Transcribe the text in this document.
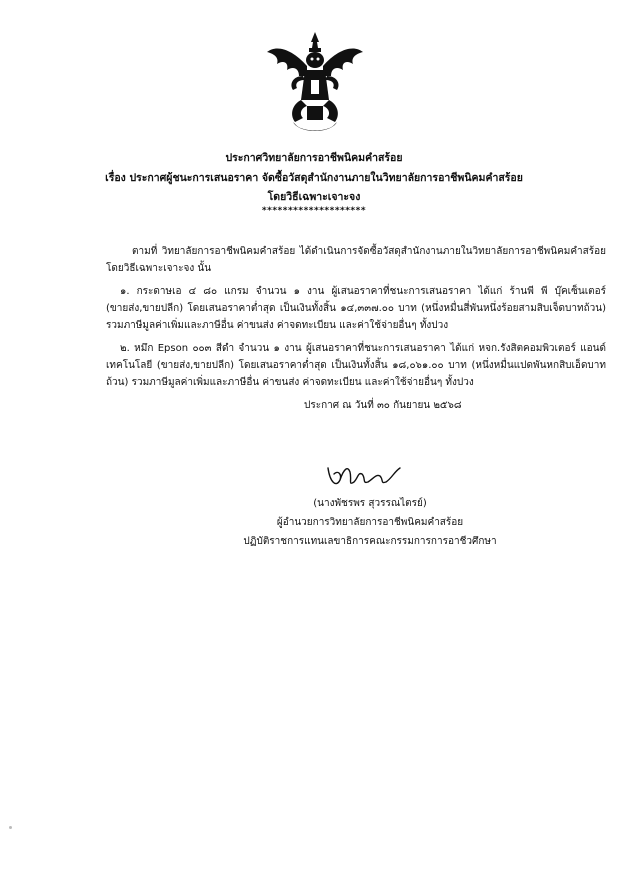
ประกาศวิทยาลัยการอาชีพนิคมคำสร้อย
เรื่อง ประกาศผู้ชนะการเสนอราคา จัดซื้อวัสดุสำนักงานภายในวิทยาลัยการอาชีพนิคมคำสร้อย
โดยวิธีเฉพาะเจาะจง
********************
ตามที่ วิทยาลัยการอาชีพนิคมคำสร้อย ได้ดำเนินการจัดซื้อวัสดุสำนักงานภายในวิทยาลัยการอาชีพนิคมคำสร้อย โดยวิธีเฉพาะเจาะจง นั้น
๑. กระดาษเอ ๔ ๘๐ แกรม จำนวน ๑ งาน ผู้เสนอราคาที่ชนะการเสนอราคา ได้แก่ ร้านพี พี บุ๊คเซ็นเตอร์ (ขายส่ง,ขายปลีก) โดยเสนอราคาต่ำสุด เป็นเงินทั้งสิ้น ๑๔,๓๓๗.๐๐ บาท (หนึ่งหมื่นสี่พันหนึ่งร้อยสามสิบเจ็ดบาทถ้วน) รวมภาษีมูลค่าเพิ่มและภาษีอื่น ค่าขนส่ง ค่าจดทะเบียน และค่าใช้จ่ายอื่นๆ ทั้งปวง
๒. หมึก Epson ๐๐๓ สีดำ จำนวน ๑ งาน ผู้เสนอราคาที่ชนะการเสนอราคา ได้แก่ หจก.รังสิตคอมพิวเตอร์ แอนด์ เทคโนโลยี (ขายส่ง,ขายปลีก) โดยเสนอราคาต่ำสุด เป็นเงินทั้งสิ้น ๑๘,๐๖๑.๐๐ บาท (หนึ่งหมื่นแปดพันหกสิบเอ็ดบาทถ้วน) รวมภาษีมูลค่าเพิ่มและภาษีอื่น ค่าขนส่ง ค่าจดทะเบียน และค่าใช้จ่ายอื่นๆ ทั้งปวง
ประกาศ ณ วันที่ ๓๐ กันยายน ๒๕๖๘
(นางพัชรพร สุวรรณไตรย์)
ผู้อำนวยการวิทยาลัยการอาชีพนิคมคำสร้อย
ปฏิบัติราชการแทนเลขาธิการคณะกรรมการการอาชีวศึกษา
